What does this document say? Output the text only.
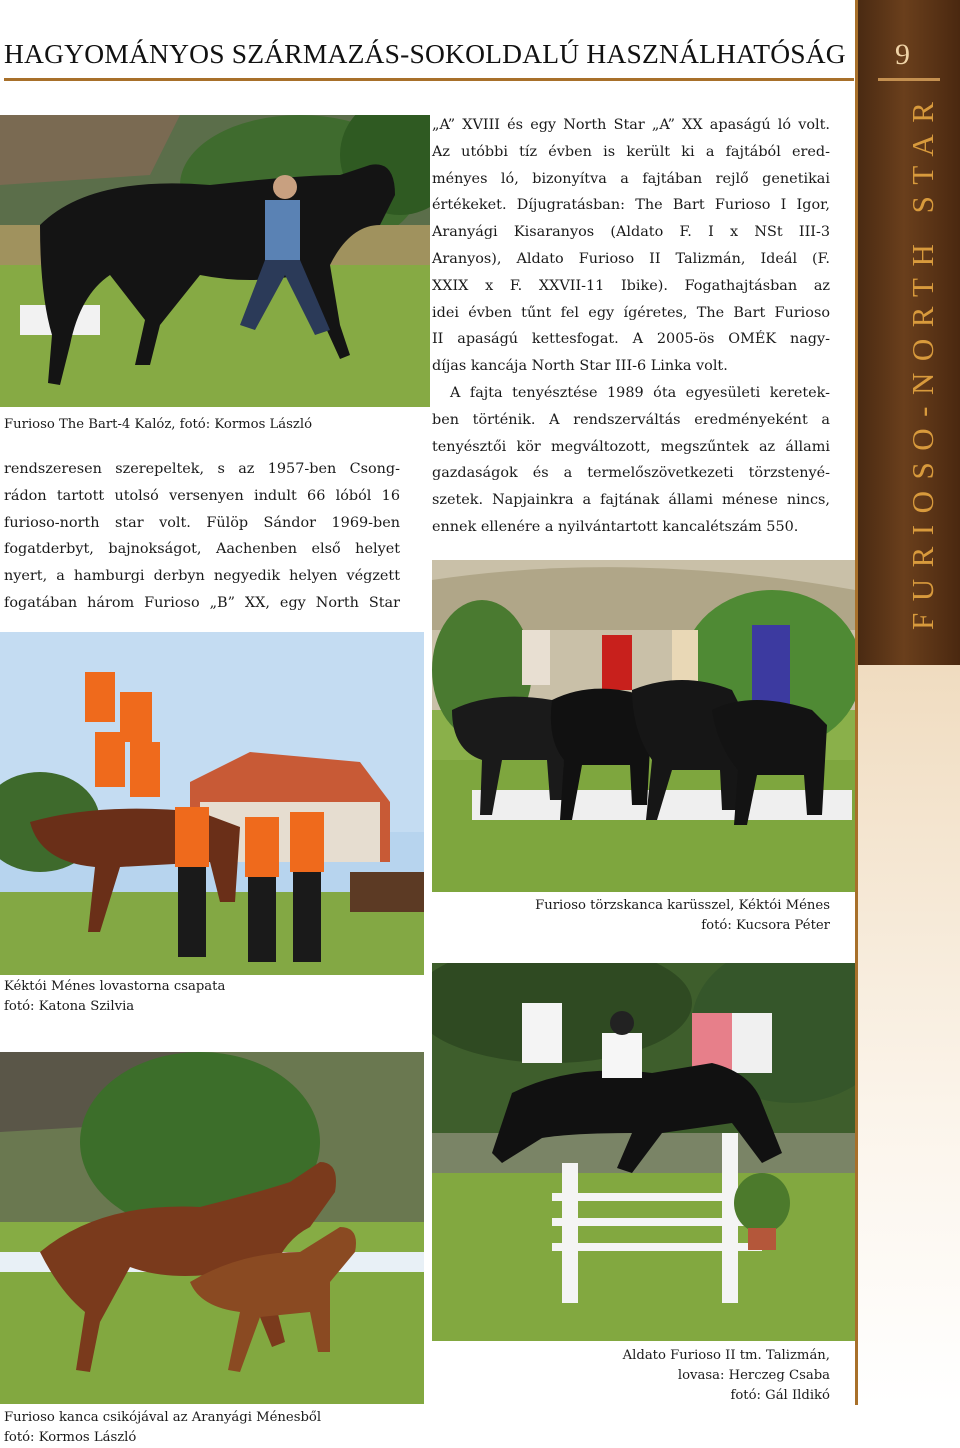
HAGYOMÁNYOS SZÁRMAZÁS-SOKOLDALÚ HASZNÁLHATÓSÁG 9
FURIOSO-NORTH STAR
Furioso The Bart-4 Kalóz, fotó: Kormos László
rendszeresen szerepeltek, s az 1957-ben Csong-
rádon tartott utolsó versenyen indult 66 lóból 16
furioso-north star volt. Fülöp Sándor 1969-ben
fogatderbyt, bajnokságot, Aachenben első helyet
nyert, a hamburgi derbyn negyedik helyen végzett
fogatában három Furioso „B” XX, egy North Star
„A” XVIII és egy North Star „A” XX apaságú ló volt.
Az utóbbi tíz évben is került ki a fajtából ered-
ményes ló, bizonyítva a fajtában rejlő genetikai
értékeket. Díjugratásban: The Bart Furioso I Igor,
Aranyági Kisaranyos (Aldato F. I x NSt III-3
Aranyos), Aldato Furioso II Talizmán, Ideál (F.
XXIX x F. XXVII-11 Ibike). Fogathajtásban az
idei évben tűnt fel egy ígéretes, The Bart Furioso
II apaságú kettesfogat. A 2005-ös OMÉK nagy-
díjas kancája North Star III-6 Linka volt.
A fajta tenyésztése 1989 óta egyesületi keretek-
ben történik. A rendszerváltás eredményeként a
tenyésztői kör megváltozott, megszűntek az állami
gazdaságok és a termelőszövetkezeti törzstenyé-
szetek. Napjainkra a fajtának állami ménese nincs,
ennek ellenére a nyilvántartott kancalétszám 550.
Furioso törzskanca karüsszel, Kéktói Ménes
fotó: Kucsora Péter
Kéktói Ménes lovastorna csapata
fotó: Katona Szilvia
Aldato Furioso II tm. Talizmán,
lovasa: Herczeg Csaba
fotó: Gál Ildikó
Furioso kanca csikójával az Aranyági Ménesből
fotó: Kormos László
